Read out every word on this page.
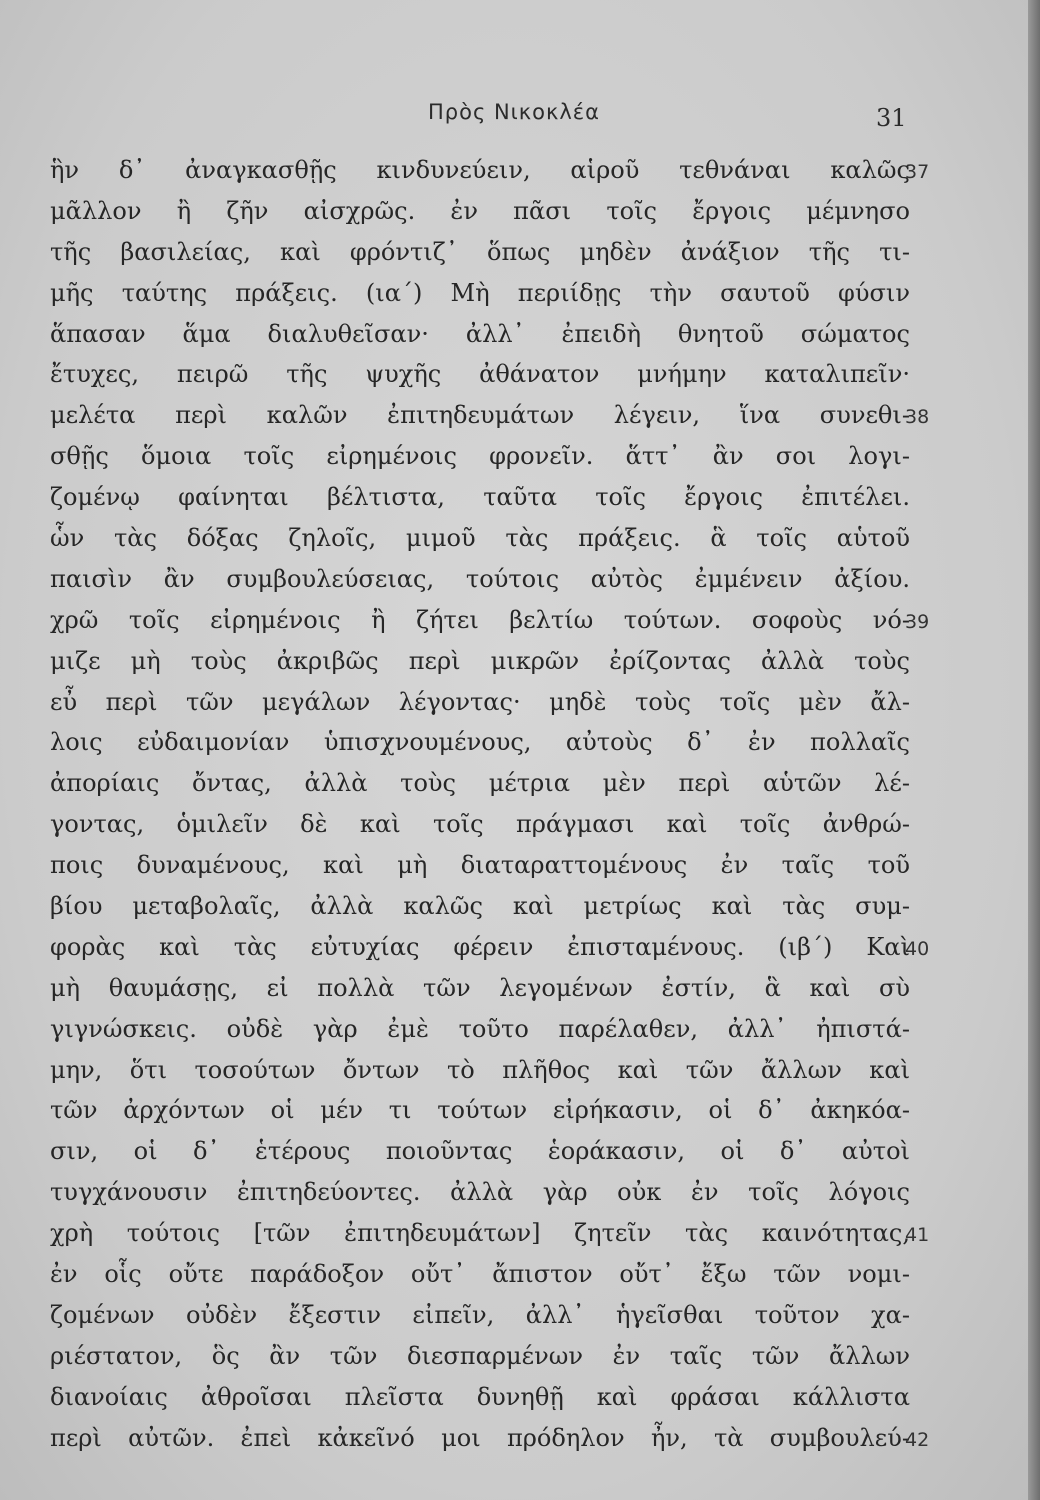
Πρὸς Νικοκλέα	31
ἣν δ᾿ ἀναγκασθῇς κινδυνεύειν, αἱροῦ τεθνάναι καλῶς
37
μᾶλλον ἢ ζῆν αἰσχρῶς. ἐν πᾶσι τοῖς ἔργοις μέμνησο
τῆς βασιλείας, καὶ φρόντιζ᾿ ὅπως μηδὲν ἀνάξιον τῆς τι-
μῆς ταύτης πράξεις. (ια΄) Μὴ περιίδῃς τὴν σαυτοῦ φύσιν
ἅπασαν ἅμα διαλυθεῖσαν· ἀλλ᾿ ἐπειδὴ θνητοῦ σώματος
ἔτυχες, πειρῶ τῆς ψυχῆς ἀθάνατον μνήμην καταλιπεῖν·
μελέτα περὶ καλῶν ἐπιτηδευμάτων λέγειν, ἵνα συνεθι-
38
σθῇς ὅμοια τοῖς εἰρημένοις φρονεῖν. ἅττ᾿ ἂν σοι λογι-
ζομένῳ φαίνηται βέλτιστα, ταῦτα τοῖς ἔργοις ἐπιτέλει.
ὧν τὰς δόξας ζηλοῖς, μιμοῦ τὰς πράξεις. ἃ τοῖς αὑτοῦ
παισὶν ἂν συμβουλεύσειας, τούτοις αὐτὸς ἐμμένειν ἀξίου.
χρῶ τοῖς εἰρημένοις ἢ ζήτει βελτίω τούτων. σοφοὺς νό-
39
μιζε μὴ τοὺς ἀκριβῶς περὶ μικρῶν ἐρίζοντας ἀλλὰ τοὺς
εὖ περὶ τῶν μεγάλων λέγοντας· μηδὲ τοὺς τοῖς μὲν ἄλ-
λοις εὐδαιμονίαν ὑπισχνουμένους, αὐτοὺς δ᾿ ἐν πολλαῖς
ἀπορίαις ὄντας, ἀλλὰ τοὺς μέτρια μὲν περὶ αὑτῶν λέ-
γοντας, ὁμιλεῖν δὲ καὶ τοῖς πράγμασι καὶ τοῖς ἀνθρώ-
ποις δυναμένους, καὶ μὴ διαταραττομένους ἐν ταῖς τοῦ
βίου μεταβολαῖς, ἀλλὰ καλῶς καὶ μετρίως καὶ τὰς συμ-
φορὰς καὶ τὰς εὐτυχίας φέρειν ἐπισταμένους. (ιβ΄) Καὶ
40
μὴ θαυμάσῃς, εἰ πολλὰ τῶν λεγομένων ἐστίν, ἃ καὶ σὺ
γιγνώσκεις. οὐδὲ γὰρ ἐμὲ τοῦτο παρέλαθεν, ἀλλ᾿ ἠπιστά-
μην, ὅτι τοσούτων ὄντων τὸ πλῆθος καὶ τῶν ἄλλων καὶ
τῶν ἀρχόντων οἱ μέν τι τούτων εἰρήκασιν, οἱ δ᾿ ἀκηκόα-
σιν, οἱ δ᾿ ἑτέρους ποιοῦντας ἑοράκασιν, οἱ δ᾿ αὐτοὶ
τυγχάνουσιν ἐπιτηδεύοντες. ἀλλὰ γὰρ οὐκ ἐν τοῖς λόγοις
χρὴ τούτοις [τῶν ἐπιτηδευμάτων] ζητεῖν τὰς καινότητας,
41
ἐν οἷς οὔτε παράδοξον οὔτ᾿ ἄπιστον οὔτ᾿ ἔξω τῶν νομι-
ζομένων οὐδὲν ἔξεστιν εἰπεῖν, ἀλλ᾿ ἡγεῖσθαι τοῦτον χα-
ριέστατον, ὃς ἂν τῶν διεσπαρμένων ἐν ταῖς τῶν ἄλλων
διανοίαις ἀθροῖσαι πλεῖστα δυνηθῇ καὶ φράσαι κάλλιστα
περὶ αὐτῶν. ἐπεὶ κἀκεῖνό μοι πρόδηλον ἦν, τὰ συμβουλεύ-
42
